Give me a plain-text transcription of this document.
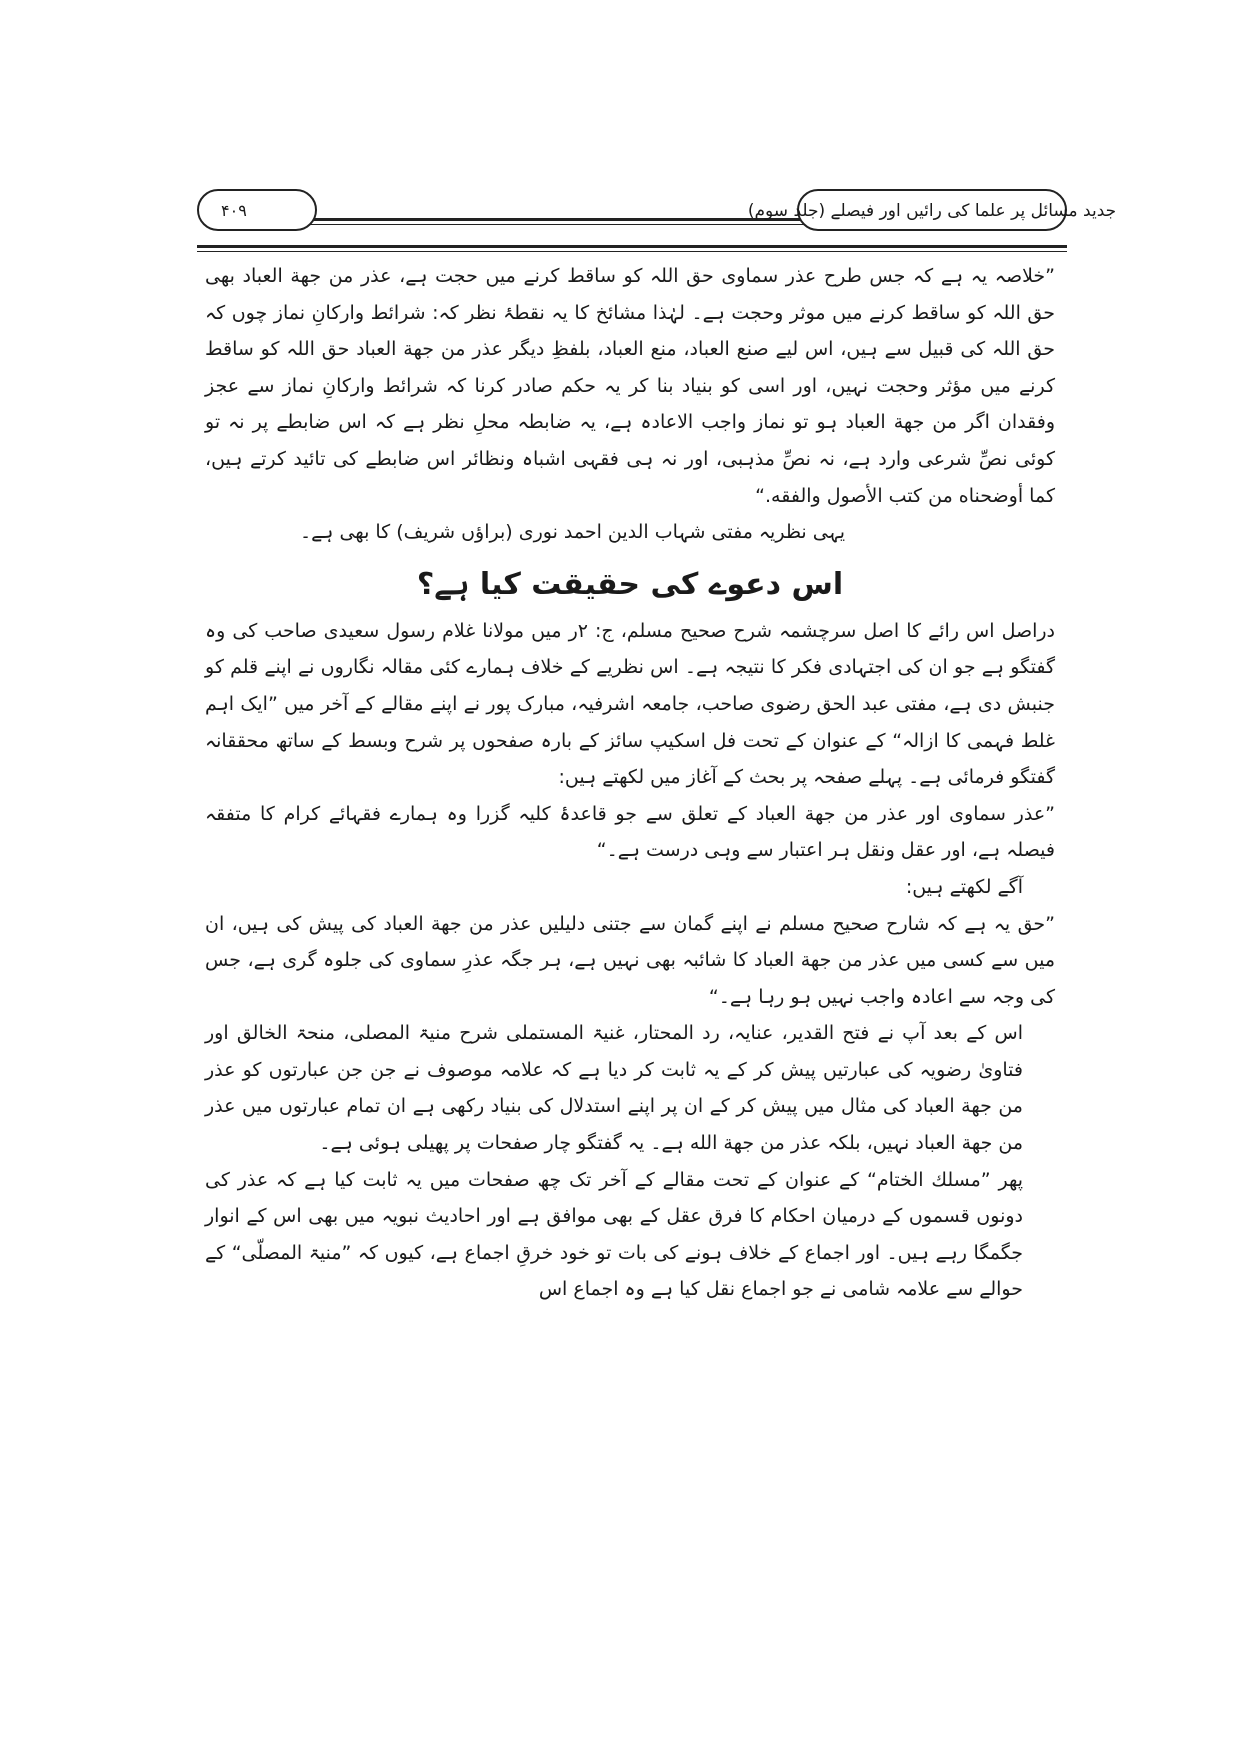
۴۰۹	جدید مسائل پر علما کی رائیں اور فیصلے (جلد سوم)

”خلاصہ یہ ہے کہ جس طرح عذر سماوی حق اللہ کو ساقط کرنے میں حجت ہے، عذر من جهة العباد بھی حق اللہ کو ساقط کرنے میں موثر وحجت ہے۔ لہٰذا مشائخ کا یہ نقطۂ نظر کہ: شرائط وارکانِ نماز چوں کہ حق اللہ کی قبیل سے ہیں، اس لیے صنع العباد، منع العباد، بلفظِ دیگر عذر من جهة العباد حق اللہ کو ساقط کرنے میں مؤثر وحجت نہیں، اور اسی کو بنیاد بنا کر یہ حکم صادر کرنا کہ شرائط وارکانِ نماز سے عجز وفقدان اگر من جهة العباد ہو تو نماز واجب الاعادہ ہے، یہ ضابطہ محلِ نظر ہے کہ اس ضابطے پر نہ تو کوئی نصِّ شرعی وارد ہے، نہ نصِّ مذہبی، اور نہ ہی فقہی اشباہ ونظائر اس ضابطے کی تائید کرتے ہیں، کما أوضحناه من كتب الأصول والفقه.“

یہی نظریہ مفتی شہاب الدین احمد نوری (براؤں شریف) کا بھی ہے۔

اس دعوے کی حقیقت کیا ہے؟

دراصل اس رائے کا اصل سرچشمہ شرح صحیح مسلم، ج: ۲ر میں مولانا غلام رسول سعیدی صاحب کی وہ گفتگو ہے جو ان کی اجتہادی فکر کا نتیجہ ہے۔ اس نظریے کے خلاف ہمارے کئی مقالہ نگاروں نے اپنے قلم کو جنبش دی ہے، مفتی عبد الحق رضوی صاحب، جامعہ اشرفیہ، مبارک پور نے اپنے مقالے کے آخر میں ”ایک اہم غلط فہمی کا ازالہ“ کے عنوان کے تحت فل اسکیپ سائز کے بارہ صفحوں پر شرح وبسط کے ساتھ محققانہ گفتگو فرمائی ہے۔ پہلے صفحہ پر بحث کے آغاز میں لکھتے ہیں:

”عذر سماوی اور عذر من جهة العباد کے تعلق سے جو قاعدۂ کلیہ گزرا وہ ہمارے فقہائے کرام کا متفقہ فیصلہ ہے، اور عقل ونقل ہر اعتبار سے وہی درست ہے۔“

آگے لکھتے ہیں:

”حق یہ ہے کہ شارح صحیح مسلم نے اپنے گمان سے جتنی دلیلیں عذر من جهة العباد کی پیش کی ہیں، ان میں سے کسی میں عذر من جهة العباد کا شائبہ بھی نہیں ہے، ہر جگہ عذرِ سماوی کی جلوہ گری ہے، جس کی وجہ سے اعادہ واجب نہیں ہو رہا ہے۔“

اس کے بعد آپ نے فتح القدیر، عنایہ، رد المحتار، غنیۃ المستملی شرح منیۃ المصلی، منحۃ الخالق اور فتاویٰ رضویہ کی عبارتیں پیش کر کے یہ ثابت کر دیا ہے کہ علامہ موصوف نے جن جن عبارتوں کو عذر من جهة العباد کی مثال میں پیش کر کے ان پر اپنے استدلال کی بنیاد رکھی ہے ان تمام عبارتوں میں عذر من جهة العباد نہیں، بلکہ عذر من جهة الله ہے۔ یہ گفتگو چار صفحات پر پھیلی ہوئی ہے۔

پھر ”مسلك الختام“ کے عنوان کے تحت مقالے کے آخر تک چھ صفحات میں یہ ثابت کیا ہے کہ عذر کی دونوں قسموں کے درمیان احکام کا فرق عقل کے بھی موافق ہے اور احادیث نبویہ میں بھی اس کے انوار جگمگا رہے ہیں۔ اور اجماع کے خلاف ہونے کی بات تو خود خرقِ اجماع ہے، کیوں کہ ”منیۃ المصلّی“ کے حوالے سے علامہ شامی نے جو اجماع نقل کیا ہے وہ اجماع اس
